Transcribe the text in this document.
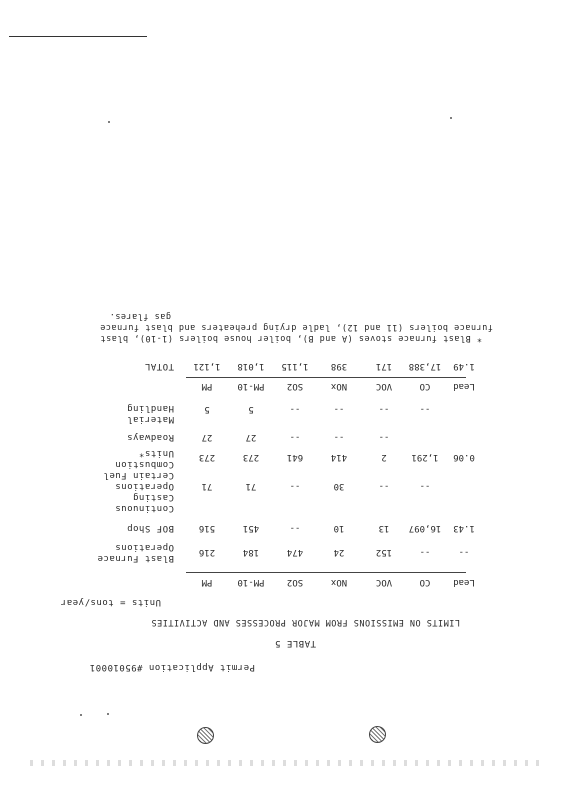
Permit Application #95010001
TABLE 5
LIMITS ON EMISSIONS FROM MAJOR PROCESSES AND ACTIVITIES
Units = tons/year
PM	PM-10	SO2	NOx	VOC	CO	Lead
Blast Furnace
Operations	216	184	474	24	152	--	--
BOF Shop	516	451	--	10	13	16,097	1.43
Continuous
Casting
Operations	71	71	--	30	--	--
Certain Fuel
Combustion
Units*	273	273	641	414	2	1,291	0.06
Roadways	27	27	--	--	--
Material
Handling	5	5	--	--	--	--
PM	PM-10	SO2	NOx	VOC	CO	Lead
TOTAL	1,121	1,018	1,115	398	171	17,388	1.49
* Blast furnace stoves (A and B), boiler house boilers (1-10), blast
furnace boilers (11 and 12), ladle drying preheaters and blast furnace
gas flares.
